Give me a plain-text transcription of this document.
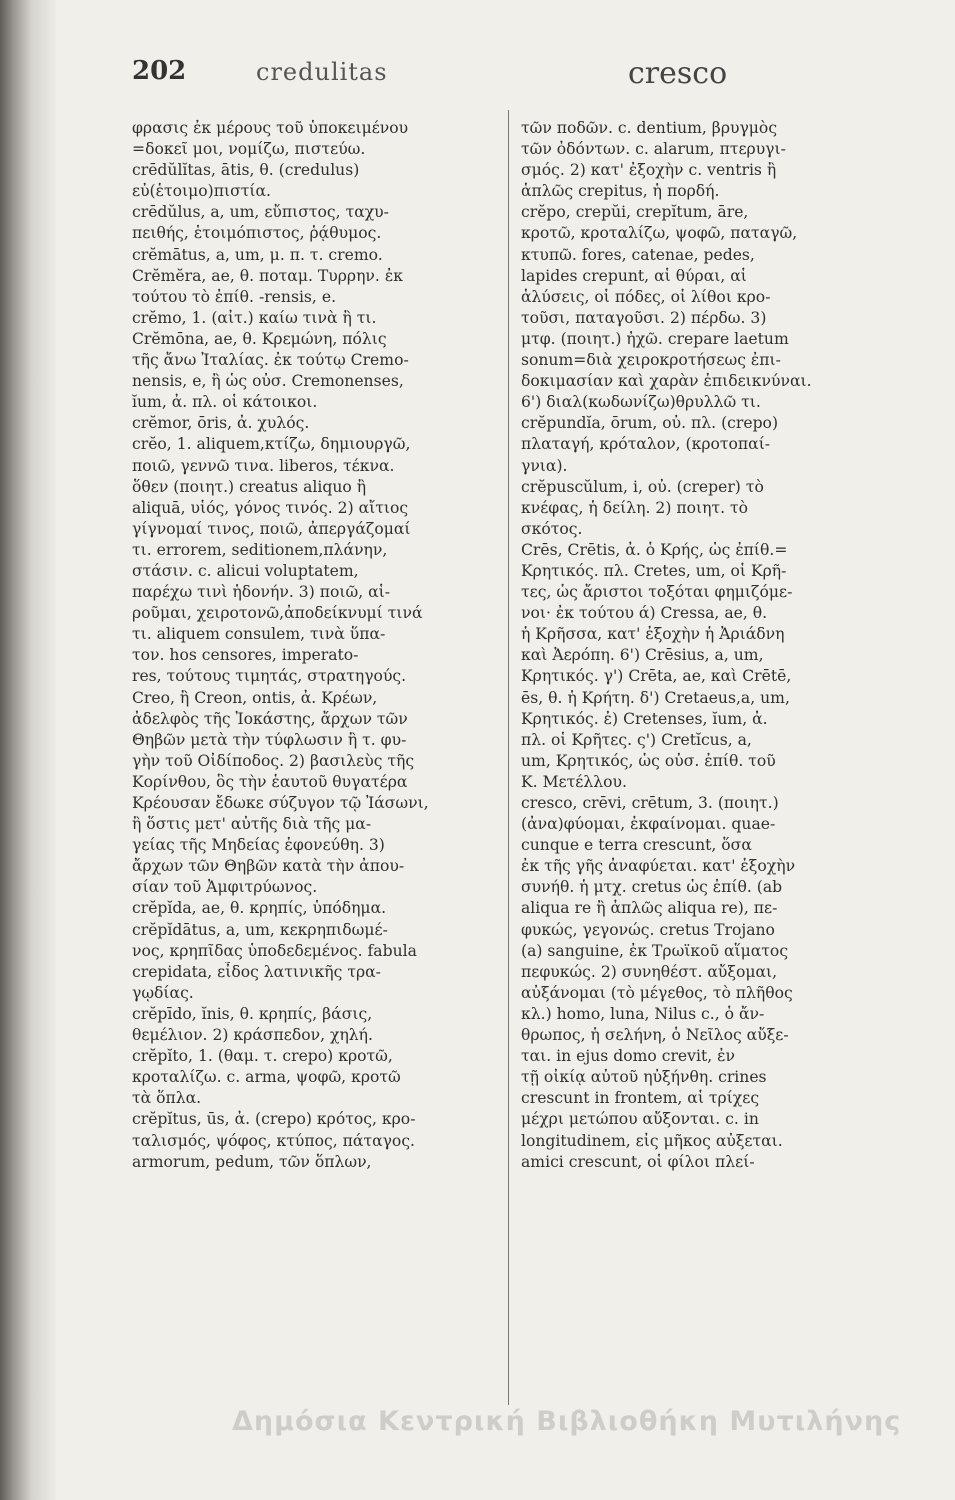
202	credulitas	cresco
φρασις ἐκ μέρους τοῦ ὑποκειμένου
=δοκεῖ μοι, νομίζω, πιστεύω.
crēdŭlĭtas, ātis, θ. (credulus)
εὐ(ἑτοιμο)πιστία.
crēdŭlus, a, um, εὔπιστος, ταχυ-
πειθής, ἑτοιμόπιστος, ῥᾴθυμος.
crĕmātus, a, um, μ. π. τ. cremo.
Crĕmĕra, ae, θ. ποταμ. Τυρρην. ἐκ
τούτου τὸ ἐπίθ. -rensis, e.
crĕmo, 1. (αἰτ.) καίω τινὰ ἢ τι.
Crĕmōna, ae, θ. Κρεμώνη, πόλις
τῆς ἄνω Ἰταλίας. ἐκ τούτῳ Cremo-
nensis, e, ἢ ὡς οὐσ. Cremonenses,
ĭum, ἀ. πλ. οἱ κάτοικοι.
crĕmor, ōris, ἀ. χυλός.
crĕo, 1. aliquem,κτίζω, δημιουργῶ,
ποιῶ, γεννῶ τινα. liberos, τέκνα.
ὅθεν (ποιητ.) creatus aliquo ἢ
aliquā, υἱός, γόνος τινός. 2) αἴτιος
γίγνομαί τινος, ποιῶ, ἀπεργάζομαί
τι. errorem, seditionem,πλάνην,
στάσιν. c. alicui voluptatem,
παρέχω τινὶ ἡδονήν. 3) ποιῶ, αἱ-
ροῦμαι, χειροτονῶ,ἀποδείκνυμί τινά
τι. aliquem consulem, τινὰ ὕπα-
τον. hos censores, imperato-
res, τούτους τιμητάς, στρατηγούς.
Creo, ἢ Creon, ontis, ἀ. Κρέων,
ἀδελφὸς τῆς Ἰοκάστης, ἄρχων τῶν
Θηβῶν μετὰ τὴν τύφλωσιν ἢ τ. φυ-
γὴν τοῦ Οἰδίποδος. 2) βασιλεὺς τῆς
Κορίνθου, ὃς τὴν ἑαυτοῦ θυγατέρα
Κρέουσαν ἔδωκε σύζυγον τῷ Ἰάσωνι,
ἢ ὅστις μετ' αὐτῆς διὰ τῆς μα-
γείας τῆς Μηδείας ἐφονεύθη. 3)
ἄρχων τῶν Θηβῶν κατὰ τὴν ἀπου-
σίαν τοῦ Ἀμφιτρύωνος.
crĕpĭda, ae, θ. κρηπίς, ὑπόδημα.
crĕpĭdātus, a, um, κεκρηπιδωμέ-
νος, κρηπῖδας ὑποδεδεμένος. fabula
crepidata, εἶδος λατινικῆς τρα-
γῳδίας.
crĕpīdo, ĭnis, θ. κρηπίς, βάσις,
θεμέλιον. 2) κράσπεδον, χηλή.
crĕpĭto, 1. (θαμ. τ. crepo) κροτῶ,
κροταλίζω. c. arma, ψοφῶ, κροτῶ
τὰ ὅπλα.
crĕpĭtus, ūs, ἀ. (crepo) κρότος, κρο-
ταλισμός, ψόφος, κτύπος, πάταγος.
armorum, pedum, τῶν ὅπλων,
τῶν ποδῶν. c. dentium, βρυγμὸς
τῶν ὀδόντων. c. alarum, πτερυγι-
σμός. 2) κατ' ἐξοχὴν c. ventris ἢ
ἁπλῶς crepitus, ἡ πορδή.
crĕpo, crepŭi, crepĭtum, āre,
κροτῶ, κροταλίζω, ψοφῶ, παταγῶ,
κτυπῶ. fores, catenae, pedes,
lapides crepunt, αἱ θύραι, αἱ
ἁλύσεις, οἱ πόδες, οἱ λίθοι κρο-
τοῦσι, παταγοῦσι. 2) πέρδω. 3)
μτφ. (ποιητ.) ἠχῶ. crepare laetum
sonum=διὰ χειροκροτήσεως ἐπι-
δοκιμασίαν καὶ χαρὰν ἐπιδεικνύναι.
6') διαλ(κωδωνίζω)θρυλλῶ τι.
crĕpundĭa, ōrum, οὐ. πλ. (crepo)
πλαταγή, κρόταλον, (κροτοπαί-
γνια).
crĕpuscŭlum, i, οὐ. (creper) τὸ
κνέφας, ἡ δείλη. 2) ποιητ. τὸ
σκότος.
Crēs, Crētis, ἀ. ὁ Κρής, ὡς ἐπίθ.=
Κρητικός. πλ. Cretes, um, οἱ Κρῆ-
τες, ὡς ἄριστοι τοξόται φημιζόμε-
νοι· ἐκ τούτου ά) Cressa, ae, θ.
ἡ Κρῆσσα, κατ' ἐξοχὴν ἡ Ἀριάδνη
καὶ Ἀερόπη. 6') Crēsius, a, um,
Κρητικός. γ') Crēta, ae, καὶ Crētē,
ēs, θ. ἡ Κρήτη. δ') Cretaeus,a, um,
Κρητικός. ἐ) Cretenses, ĭum, ἀ.
πλ. οἱ Κρῆτες. ς') Cretĭcus, a,
um, Κρητικός, ὡς οὐσ. ἐπίθ. τοῦ
Κ. Μετέλλου.
cresco, crēvi, crētum, 3. (ποιητ.)
(ἀνα)φύομαι, ἐκφαίνομαι. quae-
cunque e terra crescunt, ὅσα
ἐκ τῆς γῆς ἀναφύεται. κατ' ἐξοχὴν
συνήθ. ἡ μτχ. cretus ὡς ἐπίθ. (ab
aliqua re ἢ ἁπλῶς aliqua re), πε-
φυκώς, γεγονώς. cretus Trojano
(a) sanguine, ἐκ Τρωϊκοῦ αἵματος
πεφυκώς. 2) συνηθέστ. αὔξομαι,
αὐξάνομαι (τὸ μέγεθος, τὸ πλῆθος
κλ.) homo, luna, Nilus c., ὁ ἄν-
θρωπος, ἡ σελήνη, ὁ Νεῖλος αὔξε-
ται. in ejus domo crevit, ἐν
τῇ οἰκίᾳ αὐτοῦ ηὐξήνθη. crines
crescunt in frontem, αἱ τρίχες
μέχρι μετώπου αὔξονται. c. in
longitudinem, εἰς μῆκος αὐξεται.
amici crescunt, οἱ φίλοι πλεί-
Δημόσια Κεντρική Βιβλιοθήκη Μυτιλήνης
